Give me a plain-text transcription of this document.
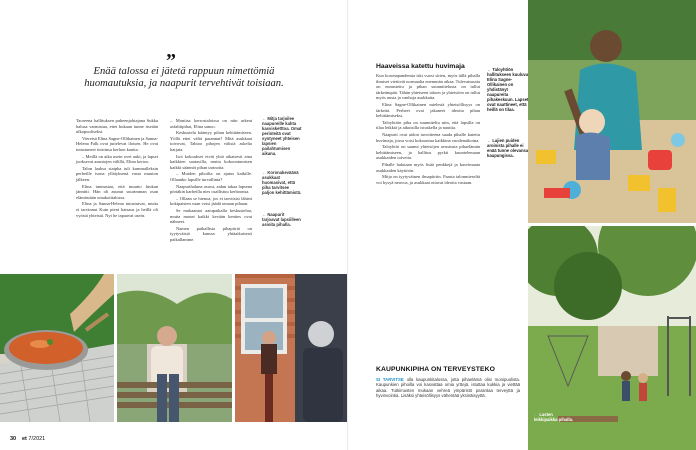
”
Enää talossa ei jätetä rappuun nimettömiä huomautuksia, ja naapurit tervehtivät toisiaan.

Taoreena hallituksen puheenjohtajana Sukka halusa varmistaa, ettei kukaan tunne itseään ulkopuoliseksi.

Viereisä Elina Sagne-Ollikainen ja Sanna-Helena Falk ovat juttelevat ilotsen. He ovat tutustuneet toisiinsa kerhon kautta.

– Meillä on aika usein ovet auki, ja lapset juoksevat asuntojen välillä, Elina kertoo.

Talon laaksa staipha tuli kummalleksin perheille isona yllätyksenä vasta muuton jälkeen.

Elina tunnustaa, että muutto hiukan jännitti. Hän oli asunut suurimman osan elämästään omakotitalossa.

Elina ja Sanna-Helena tutustuivat, mutta ei tarvinnut Kuin pieni katsaus ja heillä oli vyöstä yhteistä. Nyt he tapaavat usein.

– Moniisa kerrostaloissa on niin arkeat asfalttipihat, Elina sanoo.

Keskustelu kääntyy pihan kehittämiseen. Yöllä ettei väliä parannat? Mitä asukkaat toivovat, Tahtoo pihojen välisiä askelia harjata.

Isot kokoukset eivät yhtä aikaisesti aina kaikkien saatavilla, mutta kokoontumisen kaikki säännöt pihan tarinoita.

– Muiden pihoilta on ajatus kaikille. Ollaanko lapsille turvallinta?

Naapurihaluna asuva, aidan takaa lapsena pörtäkin karheilla nies osallistuu kerhoonsa.

– Ollaan se hienoa, jos ei tarvitsisi lähteä kokipaisten vaan voisi jäädä omaan pihaan.

Se mukaantoi aatupaikalla keskustelua, mutta monet kaikki kevään kenties ovat nähneet.

Namen paikallisia pihapiiriä on tyytyväisiä kanssa yhtäaikaisesti paikallamme.

← Mitja tarjoilee naapureille kahta kasvisketttoa. Omat perinteitä ovat syntyneet yhteisen lapsien pailahtumisen aikana.
← Koronakeväänä asukkaat huomasivat, että piha tarvitsee paljon kehittämistä.
← Naapurit tarjoavat lapsiilleen asioita pihalla.
30 et 7/2021
Haaveissa katettu huvimaja

Kun koronapandemia iski vuosi sitten, myös tällä pihalla ihmiset viettivät normaalia enemmän aikaa. Tulevaisuutta on ennustettu ja pihan suunnittelusta on tullut tärkeämpää. Tähän yhteiseen taloon ja yhteisöön on tullut myös uusia ja vanhoja asukkaita.

Elina Sagne-Ollikainen mielestä yhteisöllisyys on tärkeää. Perheet ovat jakaneet ideoita pihan kehittämiseksi.

Taloyhtiön piha on suunniteltu niin, että lapsilla on tilaa leikkiä ja aikuisilla istuskella ja nauttia.

Naapurit ovat aidon tavoitteena saada pihalle katettu huvimaja, jossa voisi kokoontua kaikkina vuodenaikoina.

Taloyhtiö on saanut yhteisöjen avustusta pihaelämän kehittämiseen, ja hallitus pyrkii kuuntelemaan asukkaiden toiveita.

Pihalle halutaan myös lisää penkkejä ja kasvimaata asukkaiden käyttöön.

Mitja on tyytyväinen ilmapiiriin. Paasta talonmieseltä voi kysyä neuvoa, ja asukkaat ottavat ideoita vastaan.

← Taloyhtiön hallitukseen kuuluva Elina Sagne-Ollikainen on yhdistänyt naapureita pihakeskuun. Lapset ovat nauttineet, että heillä on tilaa.
← Lajien puiden aroinista pihalle ei enää tunne olevansa kaupungissa.
← Lasten leikkipaikka pihalla.
KAUPUNKIPIHA ON TERVEYSTEKO
SI TARVITSE olla kaupunkitalossa, jotta pihaelämä olisi monipuolista. Kaupunkien pihoilla voi kasvattaa omia yrttejä, istuttaa kukkia ja viettää aikaa. Tutkimusten mukaan vehreä ympäristö parantaa terveyttä ja hyvinvointia. Lisäksi yhteisöllisyys vähentää yksinäisyyttä.
